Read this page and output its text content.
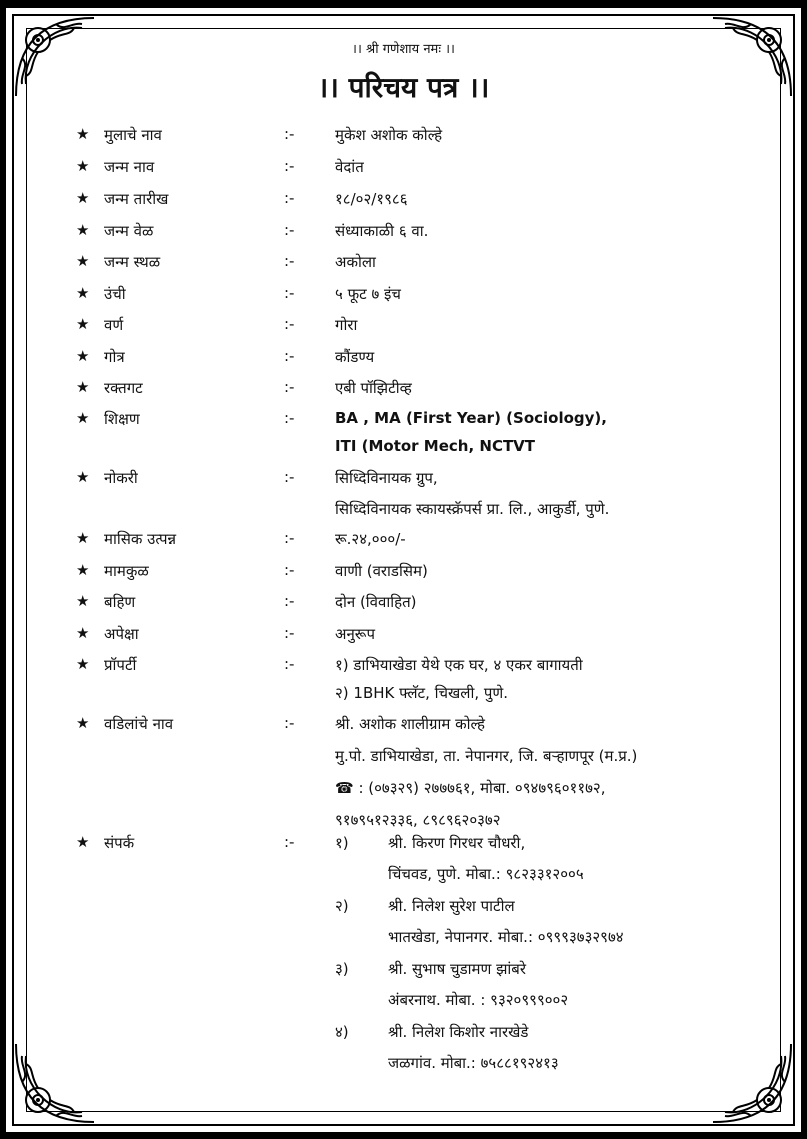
।। श्री गणेशाय नमः ।।
।। परिचय पत्र ।।
★ मुलाचे नाव	:-	मुकेश अशोक कोल्हे
★ जन्म नाव	:-	वेदांत
★ जन्म तारीख	:-	१८/०२/१९८६
★ जन्म वेळ	:-	संध्याकाळी ६ वा.
★ जन्म स्थळ	:-	अकोला
★ उंची	:-	५ फूट ७ इंच
★ वर्ण	:-	गोरा
★ गोत्र	:-	कौंडण्य
★ रक्तगट	:-	एबी पॉझिटीव्ह
★ शिक्षण	:-	BA , MA (First Year) (Sociology),
ITI (Motor Mech, NCTVT
★ नोकरी	:-	सिध्दिविनायक ग्रुप,
सिध्दिविनायक स्कायस्क्रॅपर्स प्रा. लि., आकुर्डी, पुणे.
★ मासिक उत्पन्न	:-	रू.२४,०००/-
★ मामकुळ	:-	वाणी (वराडसिम)
★ बहिण	:-	दोन (विवाहित)
★ अपेक्षा	:-	अनुरूप
★ प्रॉपर्टी	:-	१) डाभियाखेडा येथे एक घर, ४ एकर बागायती
२) 1BHK फ्लॅट, चिखली, पुणे.
★ वडिलांचे नाव	:-	श्री. अशोक शालीग्राम कोल्हे
मु.पो. डाभियाखेडा, ता. नेपानगर, जि. बऱ्हाणपूर (म.प्र.)
☎ : (०७३२९) २७७७६१, मोबा. ०९४७९६०११७२,
९१७९५१२३३६, ८९८९६२०३७२
★ संपर्क	:-	१)	श्री. किरण गिरधर चौधरी,
चिंचवड, पुणे. मोबा.: ९८२३३१२००५
२)	श्री. निलेश सुरेश पाटील
भातखेडा, नेपानगर. मोबा.: ०९९९३७३२९७४
३)	श्री. सुभाष चुडामण झांबरे
अंबरनाथ. मोबा. : ९३२०९९९००२
४)	श्री. निलेश किशोर नारखेडे
जळगांव. मोबा.: ७५८८१९२४१३
